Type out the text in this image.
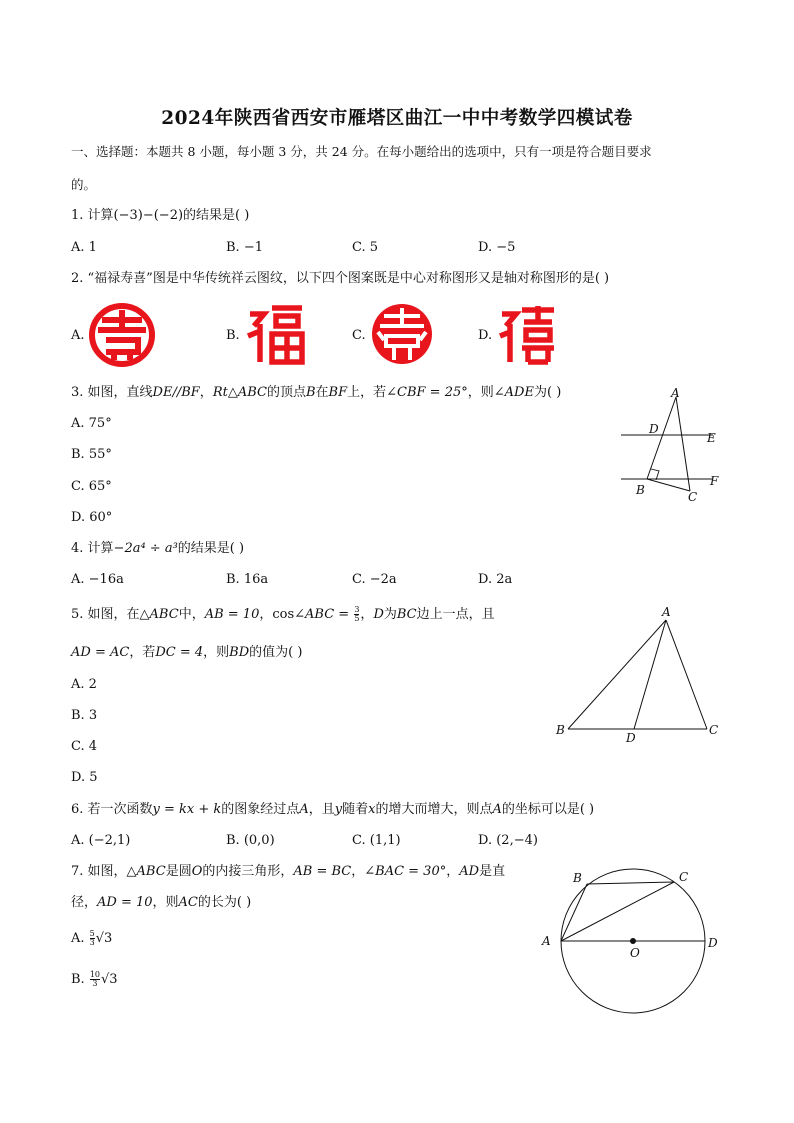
2024年陕西省西安市雁塔区曲江一中中考数学四模试卷
一、选择题：本题共 8 小题，每小题 3 分，共 24 分。在每小题给出的选项中，只有一项是符合题目要求
的。
1. 计算(−3)−(−2)的结果是( )
A. 1	B. −1	C. 5	D. −5
2. “福禄寿喜”图是中华传统祥云图纹，以下四个图案既是中心对称图形又是轴对称图形的是( )
A.	B.	C.	D.
3. 如图，直线DE//BF，Rt△ABC的顶点B在BF上，若∠CBF = 25°，则∠ADE为( )
A. 75°
B. 55°
C. 65°
D. 60°
A
D
E
B
F
C
4. 计算−2a⁴ ÷ a³的结果是( )
A. −16a	B. 16a	C. −2a	D. 2a
5. 如图，在△ABC中，AB = 10，cos∠ABC = $\frac{3}{5}$ ，D为BC边上一点，且
AD = AC，若DC = 4，则BD的值为( )
A. 2
B. 3
C. 4
D. 5
A
B
D
C
6. 若一次函数y = kx + k的图象经过点A，且y随着x的增大而增大，则点A的坐标可以是( )
A. (−2,1)	B. (0,0)	C. (1,1)	D. (2,−4)
7. 如图，△ABC是圆O的内接三角形，AB = BC，∠BAC = 30°，AD是直
径，AD = 10，则AC的长为( )
A. $\frac{5}{3} √3$
B. $\frac{10}{3} √3$
B	C
A	D
O
